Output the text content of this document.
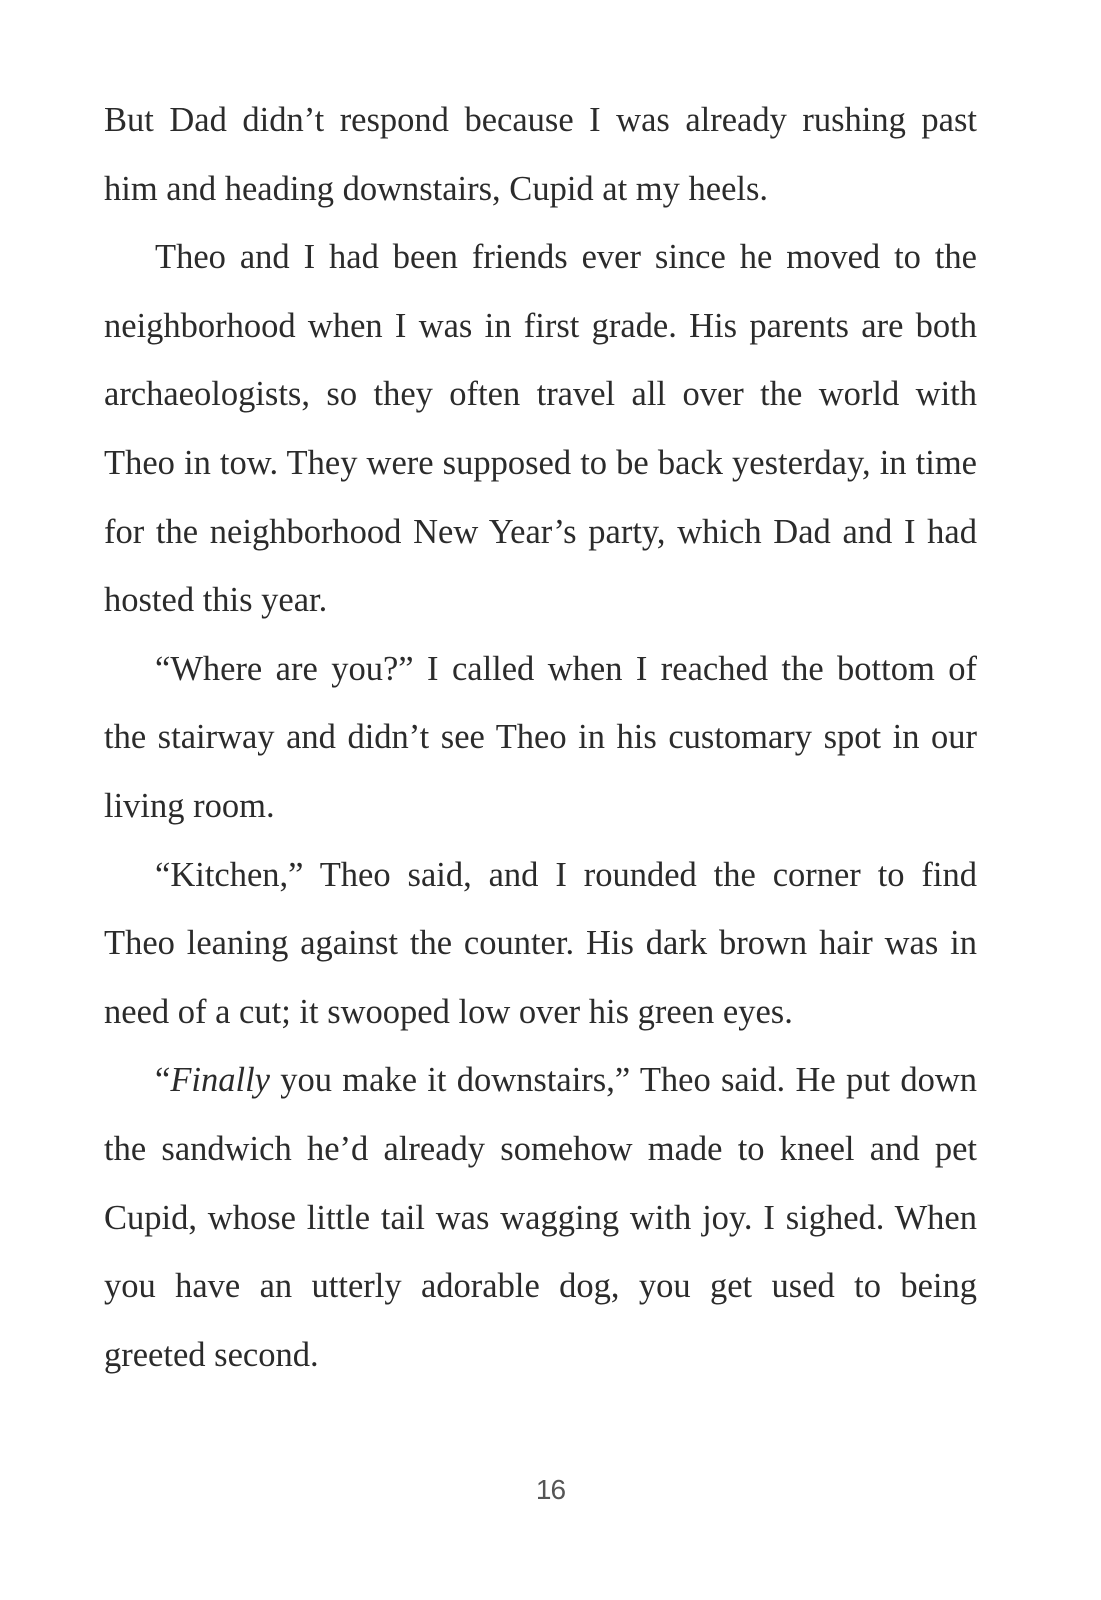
But Dad didn’t respond because I was already rushing past him and heading downstairs, Cupid at my heels.

Theo and I had been friends ever since he moved to the neighborhood when I was in first grade. His parents are both archaeologists, so they often travel all over the world with Theo in tow. They were supposed to be back yesterday, in time for the neighborhood New Year’s party, which Dad and I had hosted this year.

“Where are you?” I called when I reached the bottom of the stairway and didn’t see Theo in his customary spot in our living room.

“Kitchen,” Theo said, and I rounded the corner to find Theo leaning against the counter. His dark brown hair was in need of a cut; it swooped low over his green eyes.

“Finally you make it downstairs,” Theo said. He put down the sandwich he’d already somehow made to kneel and pet Cupid, whose little tail was wagging with joy. I sighed. When you have an utterly adorable dog, you get used to being greeted second.

16
